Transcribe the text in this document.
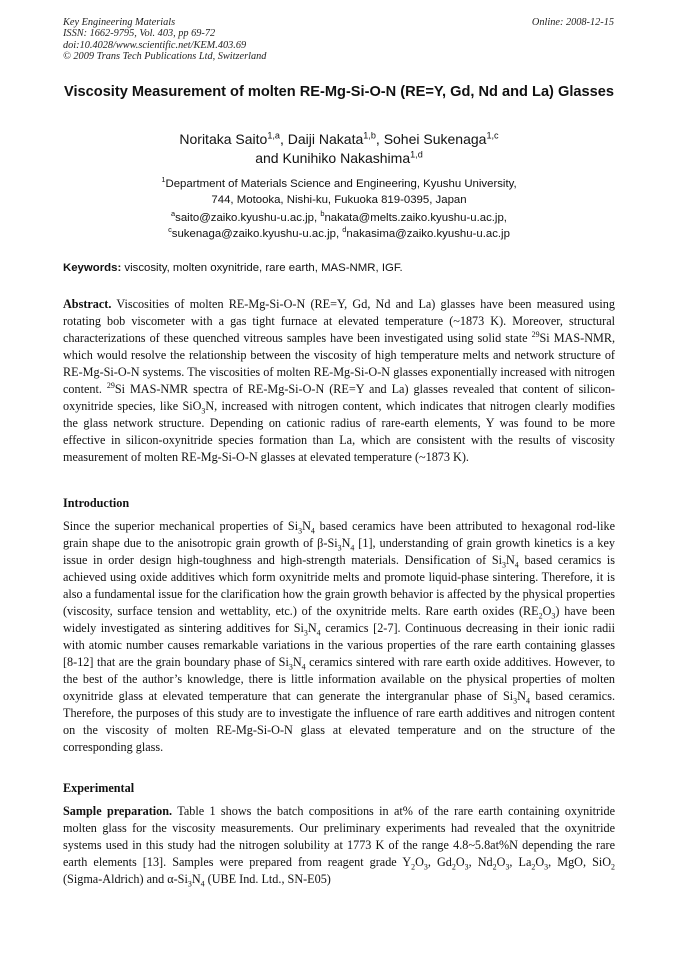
Key Engineering Materials
ISSN: 1662-9795, Vol. 403, pp 69-72
doi:10.4028/www.scientific.net/KEM.403.69
© 2009 Trans Tech Publications Ltd, Switzerland
Online: 2008-12-15
Viscosity Measurement of molten RE-Mg-Si-O-N (RE=Y, Gd, Nd and La) Glasses
Noritaka Saito$^{1,a}$, Daiji Nakata$^{1,b}$, Sohei Sukenaga$^{1,c}$
and Kunihiko Nakashima$^{1,d}$
$^1$Department of Materials Science and Engineering, Kyushu University,
744, Motooka, Nishi-ku, Fukuoka 819-0395, Japan
$^a$saito@zaiko.kyushu-u.ac.jp, $^b$nakata@melts.zaiko.kyushu-u.ac.jp,
$^c$sukenaga@zaiko.kyushu-u.ac.jp, $^d$nakasima@zaiko.kyushu-u.ac.jp
Keywords: viscosity, molten oxynitride, rare earth, MAS-NMR, IGF.
Abstract. Viscosities of molten RE-Mg-Si-O-N (RE=Y, Gd, Nd and La) glasses have been measured using rotating bob viscometer with a gas tight furnace at elevated temperature (~1873 K). Moreover, structural characterizations of these quenched vitreous samples have been investigated using solid state $^{29}$Si MAS-NMR, which would resolve the relationship between the viscosity of high temperature melts and network structure of RE-Mg-Si-O-N systems. The viscosities of molten RE-Mg-Si-O-N glasses exponentially increased with nitrogen content. $^{29}$Si MAS-NMR spectra of RE-Mg-Si-O-N (RE=Y and La) glasses revealed that content of silicon-oxynitride species, like SiO$_3$N, increased with nitrogen content, which indicates that nitrogen clearly modifies the glass network structure. Depending on cationic radius of rare-earth elements, Y was found to be more effective in silicon-oxynitride species formation than La, which are consistent with the results of viscosity measurement of molten RE-Mg-Si-O-N glasses at elevated temperature (~1873 K).
Introduction
Since the superior mechanical properties of $Si_3N_4$ based ceramics have been attributed to hexagonal rod-like grain shape due to the anisotropic grain growth of $\beta-Si_3N_4$ [1], understanding of grain growth kinetics is a key issue in order design high-toughness and high-strength materials. Densification of $Si_3N_4$ based ceramics is achieved using oxide additives which form oxynitride melts and promote liquid-phase sintering. Therefore, it is also a fundamental issue for the clarification how the grain growth behavior is affected by the physical properties (viscosity, surface tension and wettablity, etc.) of the oxynitride melts. Rare earth oxides $(RE_2O_3)$ have been widely investigated as sintering additives for $Si_3N_4$ ceramics [2-7]. Continuous decreasing in their ionic radii with atomic number causes remarkable variations in the various properties of the rare earth containing glasses [8-12] that are the grain boundary phase of $Si_3N_4$ ceramics sintered with rare earth oxide additives. However, to the best of the author’s knowledge, there is little information available on the physical properties of molten oxynitride glass at elevated temperature that can generate the intergranular phase of $Si_3N_4$ based ceramics. Therefore, the purposes of this study are to investigate the influence of rare earth additives and nitrogen content on the viscosity of molten RE-Mg-Si-O-N glass at elevated temperature and on the structure of the corresponding glass.
Experimental
Sample preparation. Table 1 shows the batch compositions in at% of the rare earth containing oxynitride molten glass for the viscosity measurements. Our preliminary experiments had revealed that the oxynitride systems used in this study had the nitrogen solubility at 1773 K of the range 4.8~5.8at%N depending the rare earth elements [13]. Samples were prepared from reagent grade $Y_2O_3$, $Gd_2O_3$, $Nd_2O_3$, $La_2O_3$, MgO, SiO$_2$ (Sigma-Aldrich) and $\alpha-Si_3N_4$ (UBE Ind. Ltd., SN-E05)
